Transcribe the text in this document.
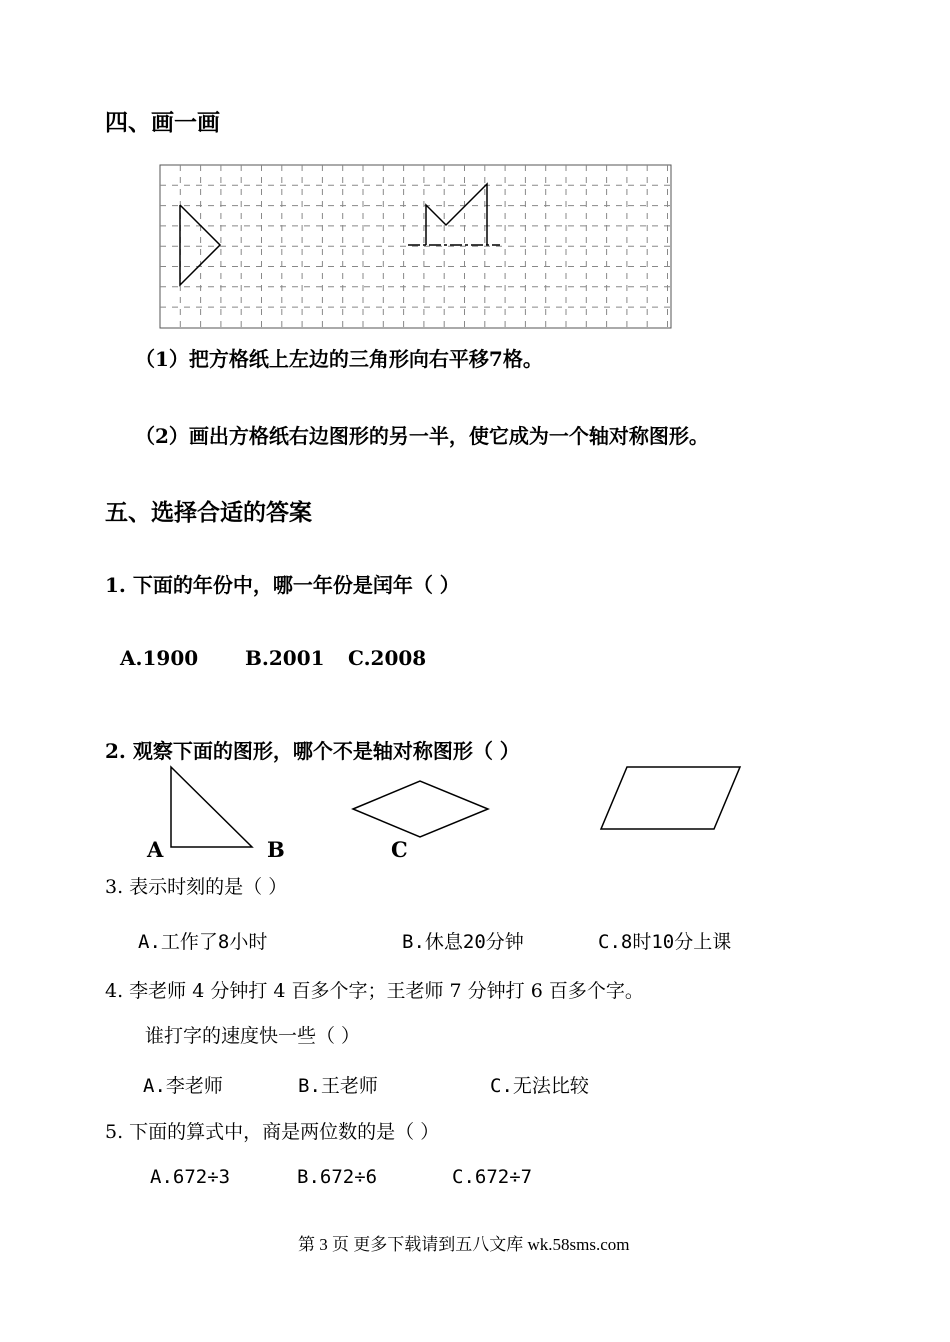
四、画一画
（1）把方格纸上左边的三角形向右平移7格。
（2）画出方格纸右边图形的另一半，使它成为一个轴对称图形。
五、选择合适的答案
1. 下面的年份中，哪一年份是闰年（ ）
A.1900 B.2001 C.2008
2. 观察下面的图形，哪个不是轴对称图形（ ）
A	B	C
3. 表示时刻的是（ ）
A.工作了8小时	B.休息20分钟	C.8时10分上课
4. 李老师 4 分钟打 4 百多个字；王老师 7 分钟打 6 百多个字。
谁打字的速度快一些（ ）
A.李老师	B.王老师	C.无法比较
5. 下面的算式中，商是两位数的是（ ）
A.672÷3	B.672÷6	C.672÷7
第 3 页 更多下载请到五八文库 wk.58sms.com
